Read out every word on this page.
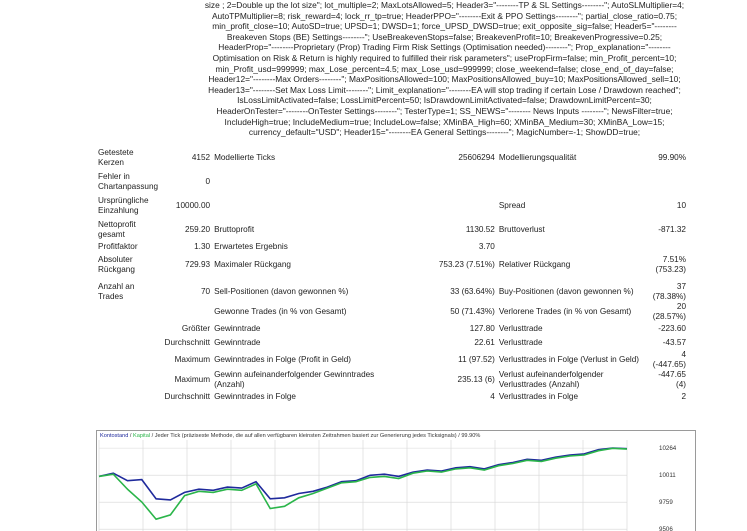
size ; 2=Double up the lot size"; lot_multiple=2; MaxLotsAllowed=5; Header3="--------TP & SL Settings--------"; AutoSLMultiplier=4; AutoTPMultiplier=8; risk_reward=4; lock_rr_tp=true; HeaderPPO="--------Exit & PPO Settings--------"; partial_close_ratio=0.75; min_profit_close=10; AutoSD=true; UPSD=1; DWSD=1; force_UPSD_DWSD=true; exit_opposite_sig=false; Header5="--------Breakeven Stops (BE) Settings--------"; UseBreakevenStops=false; BreakevenProfit=10; BreakevenProgressive=0.25; HeaderProp="--------Proprietary (Prop) Trading Firm Risk Settings (Optimisation needed)--------"; Prop_explanation="--------Optimisation on Risk & Return is highly required to fulfilled their risk parameters"; usePropFirm=false; min_Profit_percent=10; min_Profit_usd=999999; max_Lose_percent=4.5; max_Lose_usd=999999; close_weekend=false; close_end_of_day=false; Header12="--------Max Orders--------"; MaxPositionsAllowed=100; MaxPositionsAllowed_buy=10; MaxPositionsAllowed_sell=10; Header13="--------Set Max Loss Limit--------"; Limit_explanation="--------EA will stop trading if certain Lose / Drawdown reached"; IsLossLimitActivated=false; LossLimitPercent=50; IsDrawdownLimitActivated=false; DrawdownLimitPercent=30; HeaderOnTester="--------OnTester Settings--------"; TesterType=1; SS_NEWS="-------- News Inputs --------"; NewsFilter=true; IncludeHigh=true; IncludeMedium=true; IncludeLow=false; XMinBA_High=60; XMinBA_Medium=30; XMinBA_Low=15; currency_default="USD"; Header15="--------EA General Settings--------"; MagicNumber=-1; ShowDD=true;
Getestete Kerzen	4152	Modellierte Ticks	25606294	Modellierungsqualität	99.90%
Fehler in Chartanpassung	0				
Ursprüngliche Einzahlung	10000.00			Spread	10
Nettoprofit gesamt	259.20	Bruttoprofit	1130.52	Bruttoverlust	-871.32
Profitfaktor	1.30	Erwartetes Ergebnis	3.70		
Absoluter Rückgang	729.93	Maximaler Rückgang	753.23 (7.51%)	Relativer Rückgang	7.51% (753.23)
Anzahl an Trades	70	Sell-Positionen (davon gewonnen %)	33 (63.64%)	Buy-Positionen (davon gewonnen %)	37 (78.38%)
		Gewonne Trades (in % von Gesamt)	50 (71.43%)	Verlorene Trades (in % von Gesamt)	20 (28.57%)
	Größter	Gewinntrade	127.80	Verlusttrade	-223.60
	Durchschnitt	Gewinntrade	22.61	Verlusttrade	-43.57
	Maximum	Gewinntrades in Folge (Profit in Geld)	11 (97.52)	Verlusttrades in Folge (Verlust in Geld)	4 (-447.65)
	Maximum	Gewinn aufeinanderfolgender Gewinntrades (Anzahl)	235.13 (6)	Verlust aufeinanderfolgender Verlusttrades (Anzahl)	-447.65 (4)
	Durchschnitt	Gewinntrades in Folge	4	Verlusttrades in Folge	2
Kontostand / Kapital / Jeder Tick (präziseste Methode, die auf allen verfügbaren kleinsten Zeitrahmen basiert zur Generierung jedes Ticksignals) / 99.90%
10264
10011
9759
9506
